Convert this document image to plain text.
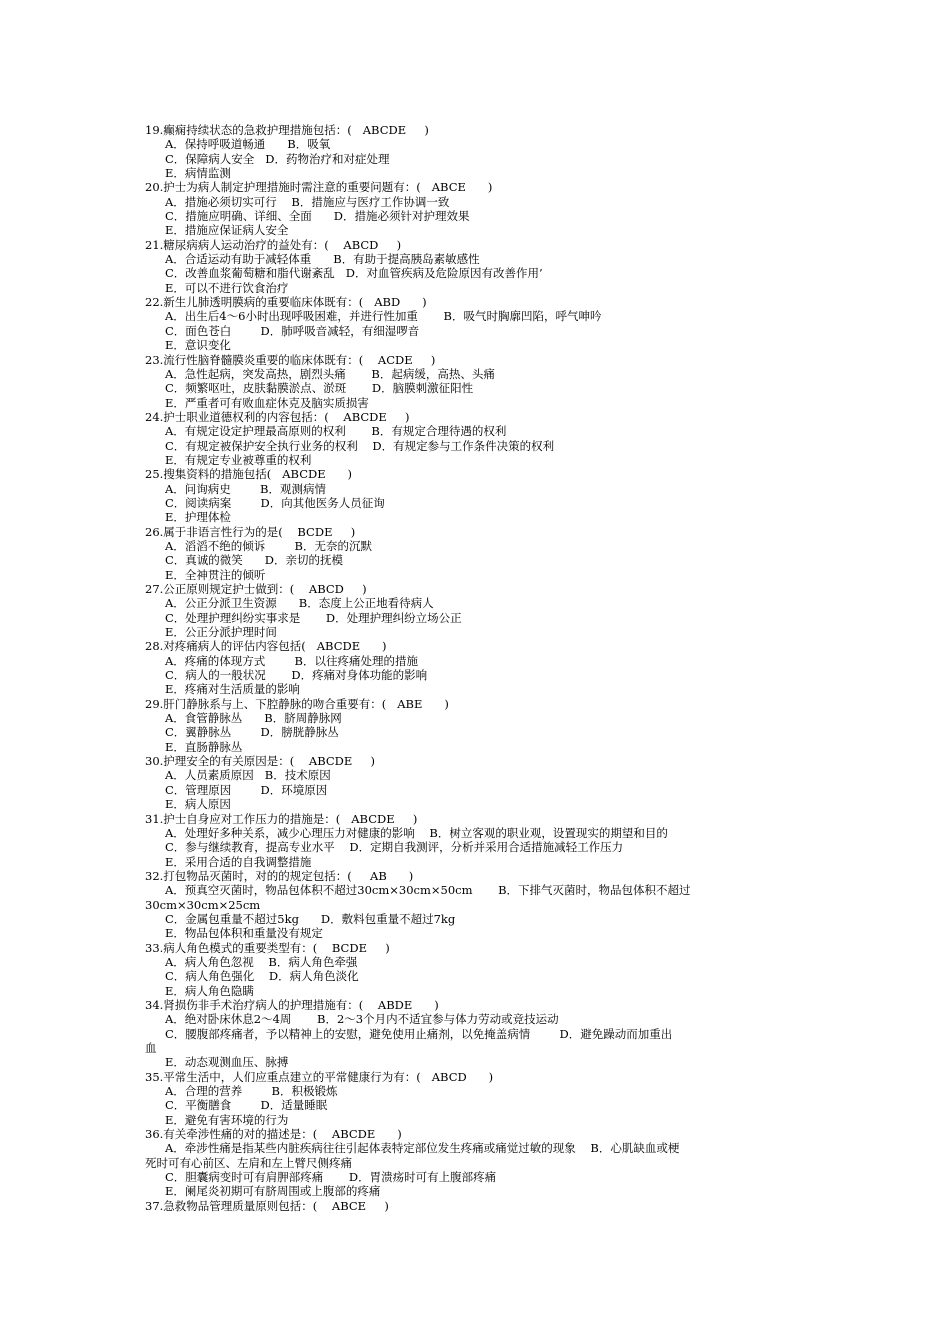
19.癫痫持续状态的急救护理措施包括：(   ABCDE     )
A．保持呼吸道畅通      B．吸氧
C．保障病人安全   D．药物治疗和对症处理
E．病情监测
20.护士为病人制定护理措施时需注意的重要问题有：(   ABCE      )
A．措施必须切实可行    B．措施应与医疗工作协调一致
C．措施应明确、详细、全面      D．措施必须针对护理效果
E．措施应保证病人安全
21.糖尿病病人运动治疗的益处有：(    ABCD     )
A．合适运动有助于减轻体重      B．有助于提高胰岛素敏感性
C．改善血浆葡萄糖和脂代谢紊乱   D．对血管疾病及危险原因有改善作用’
E．可以不进行饮食治疗
22.新生儿肺透明膜病的重要临床体既有：(   ABD      )
A．出生后4～6小时出现呼吸困难，并进行性加重       B．吸气时胸廓凹陷，呼气呻吟
C．面色苍白        D．肺呼吸音减轻，有细湿啰音
E．意识变化
23.流行性脑脊髓膜炎重要的临床体既有：(    ACDE     )
A．急性起病，突发高热，剧烈头痛       B．起病缓，高热、头痛
C．频繁呕吐，皮肤黏膜淤点、淤斑       D．脑膜刺激征阳性
E．严重者可有败血症休克及脑实质损害
24.护士职业道德权利的内容包括：(    ABCDE     )
A．有规定设定护理最高原则的权利       B．有规定合理待遇的权利
C．有规定被保护安全执行业务的权利    D．有规定参与工作条件决策的权利
E．有规定专业被尊重的权利
25.搜集资料的措施包括(   ABCDE      )
A．问询病史        B．观测病情
C．阅读病案        D．向其他医务人员征询
E．护理体检
26.属于非语言性行为的是(    BCDE     )
A．滔滔不绝的倾诉        B．无奈的沉默
C．真诚的微笑      D．亲切的抚模
E．全神贯注的倾听
27.公正原则规定护士做到：(    ABCD     )
A．公正分派卫生资源      B．态度上公正地看待病人
C．处理护理纠纷实事求是       D．处理护理纠纷立场公正
E．公正分派护理时间
28.对疼痛病人的评估内容包括(   ABCDE      )
A．疼痛的体现方式        B．以往疼痛处理的措施
C．病人的一般状况       D．疼痛对身体功能的影响
E．疼痛对生活质量的影响
29.肝门静脉系与上、下腔静脉的吻合重要有：(   ABE      )
A．食管静脉丛      B．脐周静脉网
C．翼静脉丛        D．膀胱静脉丛
E．直肠静脉丛
30.护理安全的有关原因是：(    ABCDE     )
A．人员素质原因   B．技术原因
C．管理原因        D．环境原因
E．病人原因
31.护士自身应对工作压力的措施是：(   ABCDE     )
A．处理好多种关系，减少心理压力对健康的影响    B．树立客观的职业观，设置现实的期望和目的
C．参与继续教育，提高专业水平    D．定期自我测评，分析并采用合适措施减轻工作压力
E．采用合适的自我调整措施
32.打包物品灭菌时，对的的规定包括：(     AB      )
A．预真空灭菌时，物品包体积不超过30cm×30cm×50cm       B．下排气灭菌时，物品包体积不超过
30cm×30cm×25cm
C．金属包重量不超过5kg      D．敷料包重量不超过7kg
E．物品包体积和重量没有规定
33.病人角色模式的重要类型有：(    BCDE     )
A．病人角色忽视    B．病人角色牵强
C．病人角色强化    D．病人角色淡化
E．病人角色隐瞒
34.肾损伤非手术治疗病人的护理措施有：(    ABDE      )
A．绝对卧床休息2～4周       B．2～3个月内不适宜参与体力劳动或竞技运动
C．腰腹部疼痛者，予以精神上的安慰，避免使用止痛剂，以免掩盖病情        D．避免躁动而加重出
血
E．动态观测血压、脉搏
35.平常生活中，人们应重点建立的平常健康行为有：(   ABCD      )
A．合理的营养        B．积极锻炼
C．平衡膳食        D．适量睡眠
E．避免有害环境的行为
36.有关牵涉性痛的对的描述是：(    ABCDE      )
A．牵涉性痛是指某些内脏疾病往往引起体表特定部位发生疼痛或痛觉过敏的现象    B．心肌缺血或梗
死时可有心前区、左肩和左上臂尺侧疼痛
C．胆囊病变时可有肩胛部疼痛       D．胃溃疡时可有上腹部疼痛
E．阑尾炎初期可有脐周围或上腹部的疼痛
37.急救物品管理质量原则包括：(    ABCE     )
